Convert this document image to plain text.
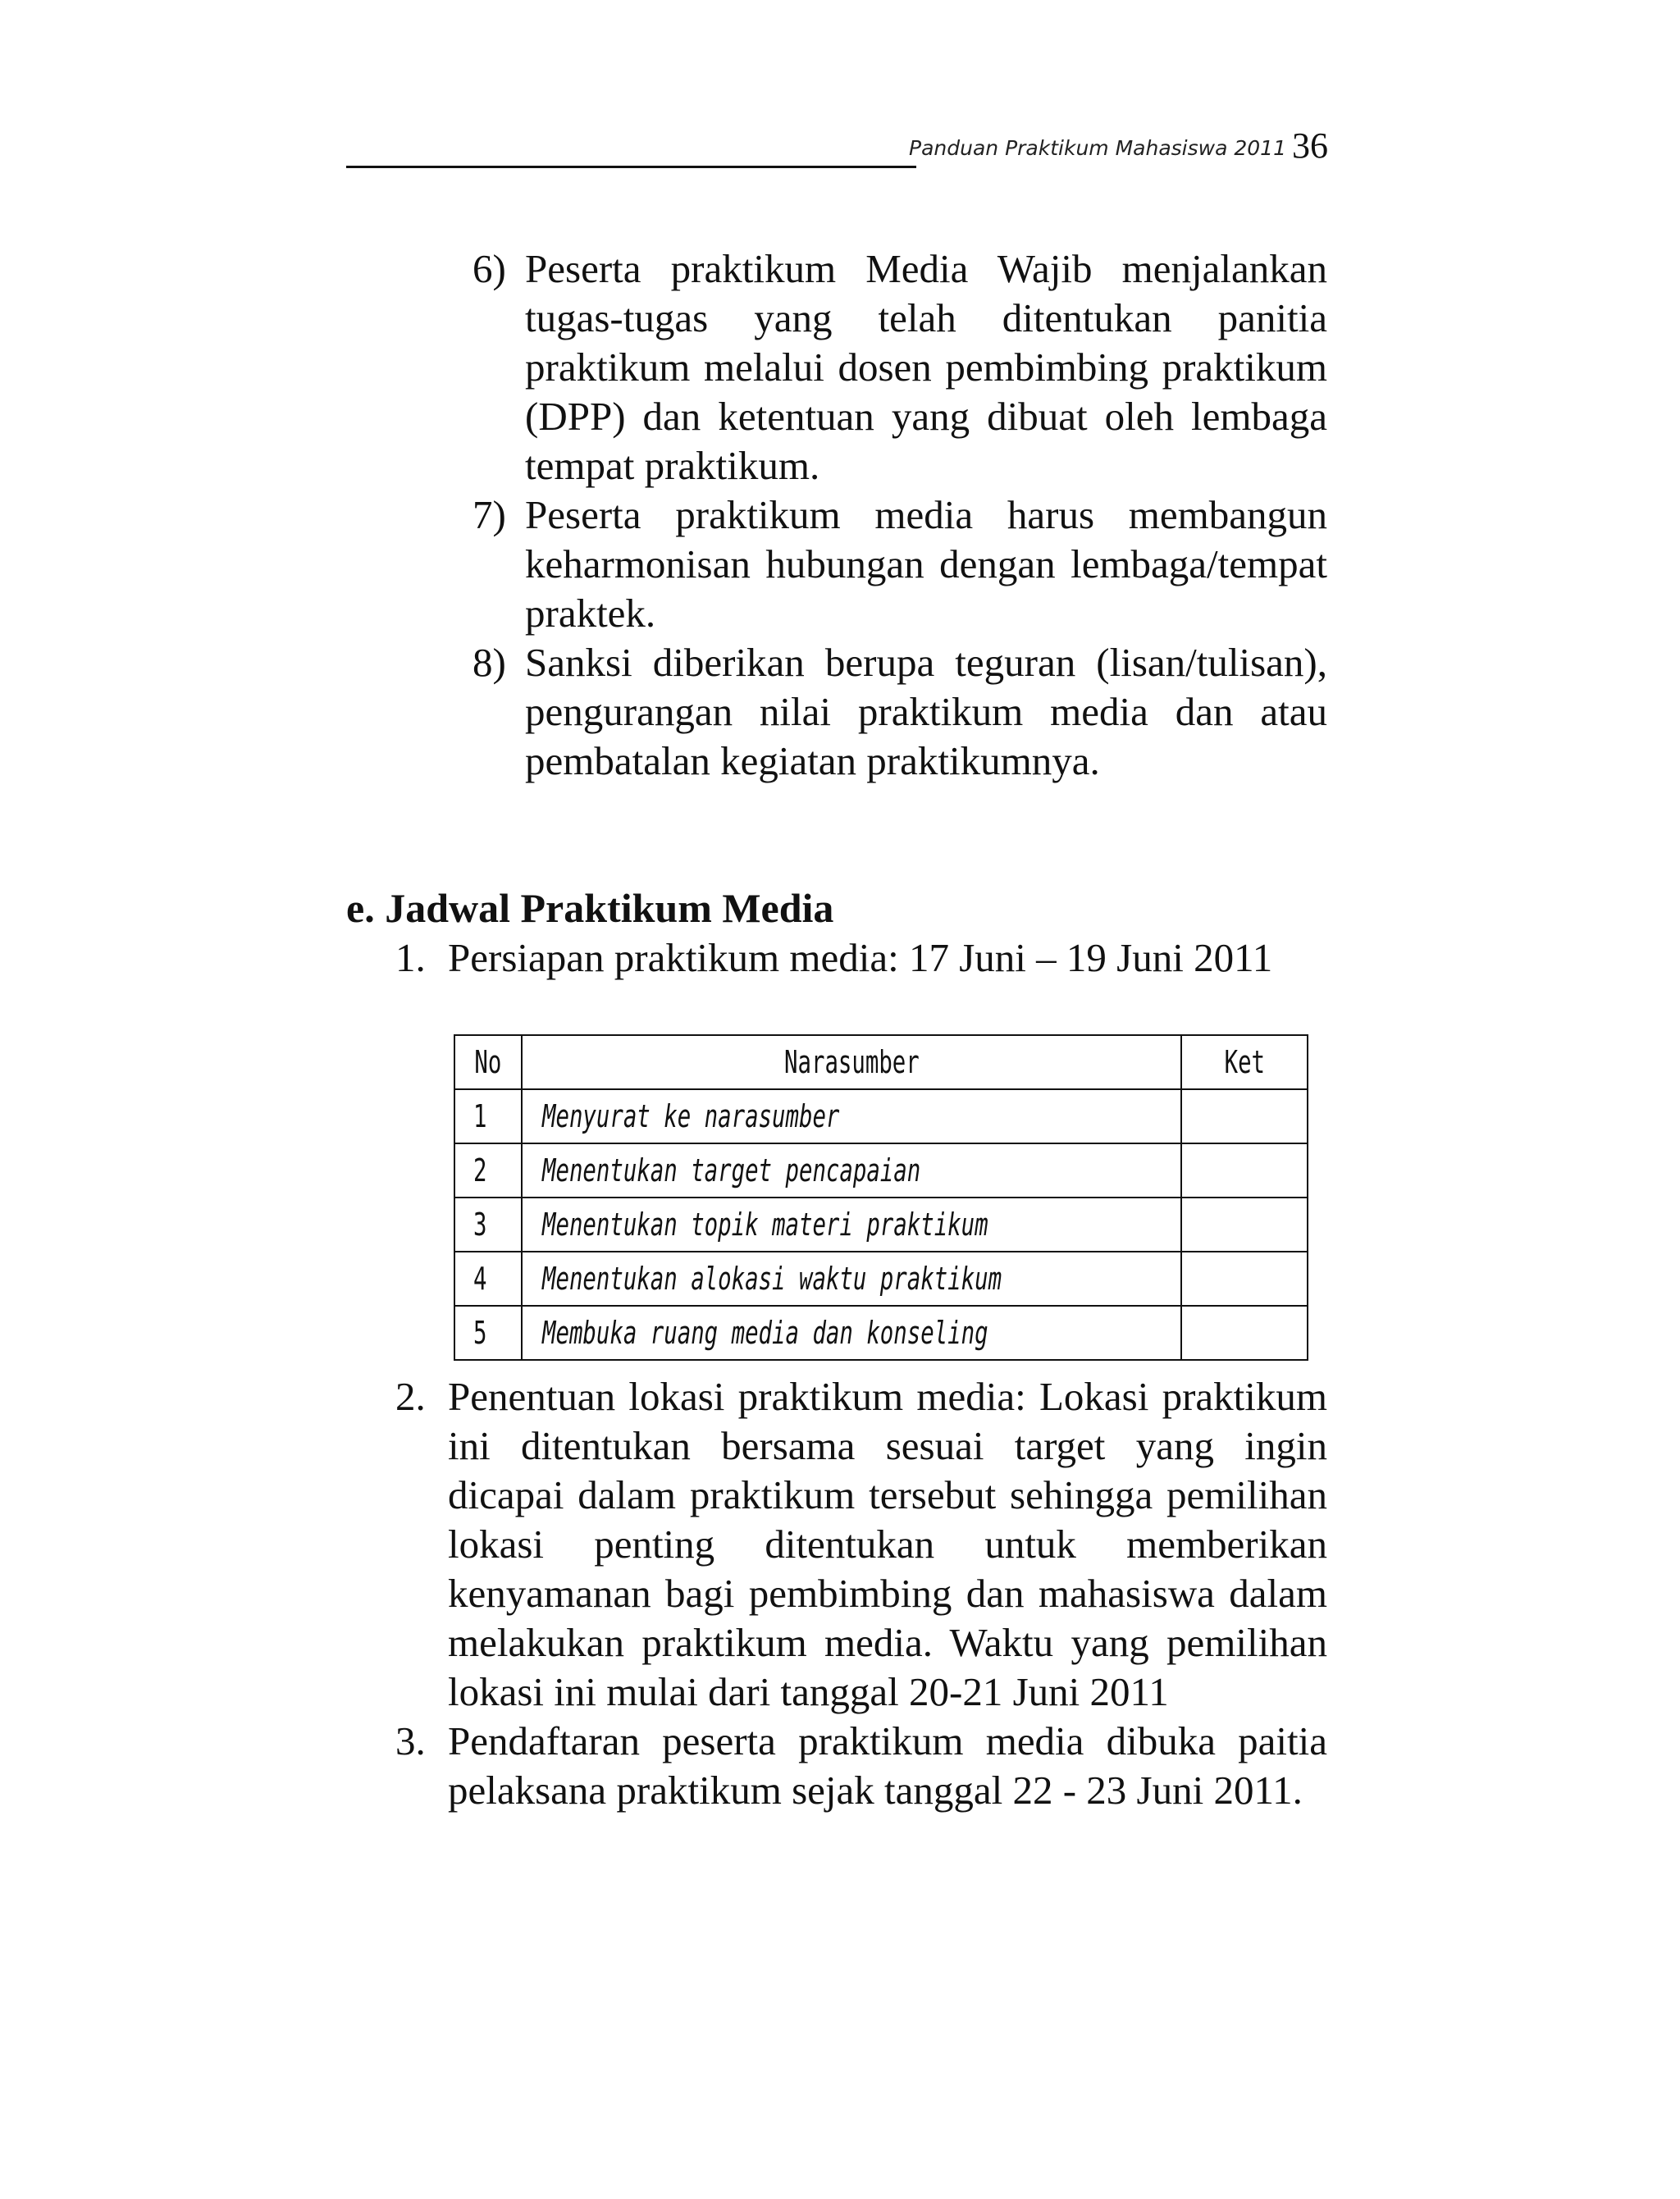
Panduan Praktikum Mahasiswa 2011 36
6) Peserta praktikum Media Wajib menjalankan tugas-tugas yang telah ditentukan panitia praktikum melalui dosen pembimbing praktikum (DPP) dan ketentuan yang dibuat oleh lembaga tempat praktikum.
7) Peserta praktikum media harus membangun keharmonisan hubungan dengan lembaga/tempat praktek.
8) Sanksi diberikan berupa teguran (lisan/tulisan), pengurangan nilai praktikum media dan atau pembatalan kegiatan praktikumnya.
e. Jadwal Praktikum Media
1. Persiapan praktikum media: 17 Juni – 19 Juni 2011
No	Narasumber	Ket
1	Menyurat ke narasumber	
2	Menentukan target pencapaian	
3	Menentukan topik materi praktikum	
4	Menentukan alokasi waktu praktikum	
5	Membuka ruang media dan konseling	
2. Penentuan lokasi praktikum media: Lokasi praktikum ini ditentukan bersama sesuai target yang ingin dicapai dalam praktikum tersebut sehingga pemilihan lokasi penting ditentukan untuk memberikan kenyamanan bagi pembimbing dan mahasiswa dalam melakukan praktikum media. Waktu yang pemilihan lokasi ini mulai dari tanggal 20-21 Juni 2011
3. Pendaftaran peserta praktikum media dibuka paitia pelaksana praktikum sejak tanggal 22 - 23 Juni 2011.
